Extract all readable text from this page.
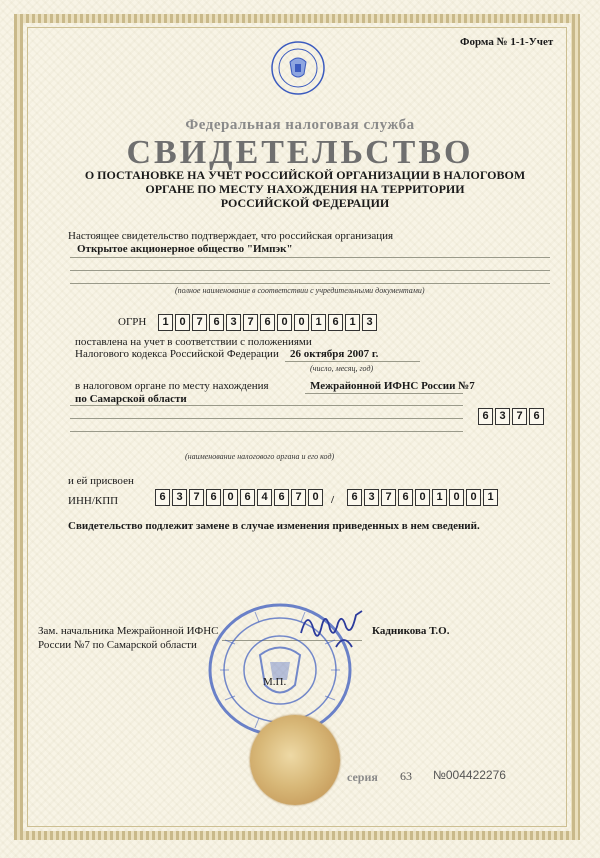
Форма № 1-1-Учет
Федеральная налоговая служба
СВИДЕТЕЛЬСТВО
О ПОСТАНОВКЕ НА УЧЕТ РОССИЙСКОЙ ОРГАНИЗАЦИИ В НАЛОГОВОМ
ОРГАНЕ ПО МЕСТУ НАХОЖДЕНИЯ НА ТЕРРИТОРИИ
РОССИЙСКОЙ ФЕДЕРАЦИИ
Настоящее свидетельство подтверждает, что российская организация
Открытое акционерное общество "Импэк"
(полное наименование в соответствии с учредительными документами)
ОГРН	1 0 7 6 3 7 6 0 0 1 6 1 3
поставлена на учет в соответствии с положениями
Налогового кодекса Российской Федерации 26 октября 2007 г.
(число, месяц, год)
в налоговом органе по месту нахождения	Межрайонной ИФНС России №7
по Самарской области
6 3 7 6
(наименование налогового органа и его код)
и ей присвоен
ИНН/КПП	6 3 7 6 0 6 4 6 7 0	/	6 3 7 6 0 1 0 0 1
Свидетельство подлежит замене в случае изменения приведенных в нем сведений.
Зам. начальника Межрайонной ИФНС
России №7 по Самарской области
Кадникова Т.О.
М.П.
серия 63 №004422276
